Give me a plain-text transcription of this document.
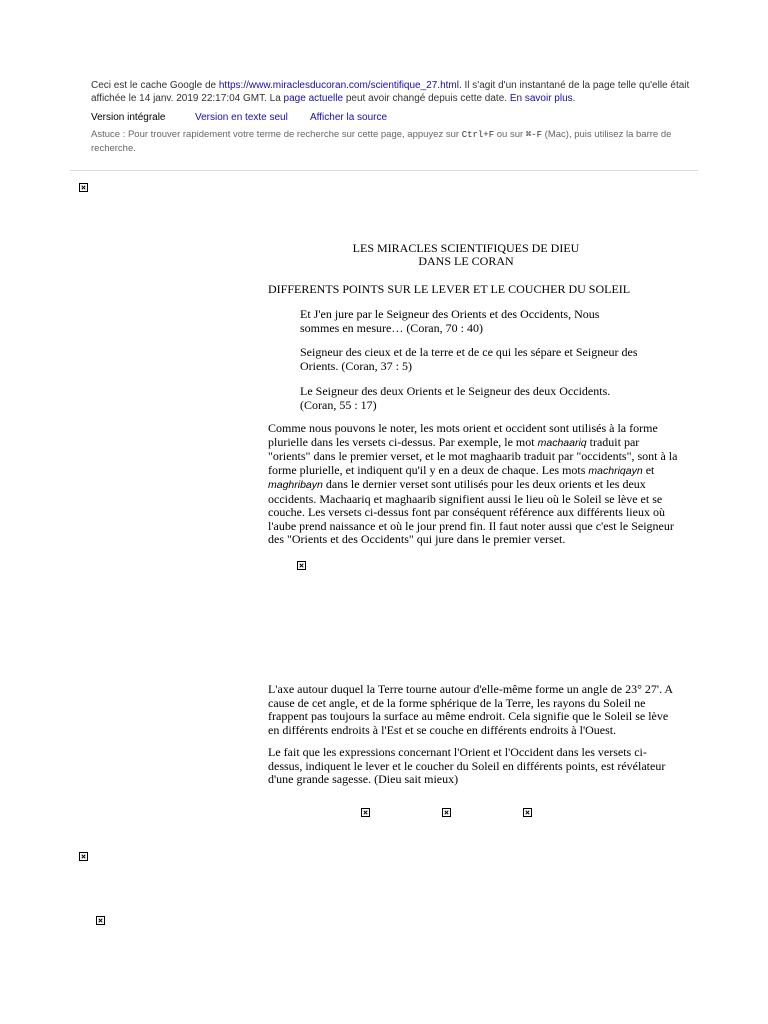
Ceci est le cache Google de https://www.miraclesducoran.com/scientifique_27.html. Il s'agit d'un instantané de la page telle qu'elle était affichée le 14 janv. 2019 22:17:04 GMT. La page actuelle peut avoir changé depuis cette date. En savoir plus.
Version intégrale	Version en texte seul Afficher la source
Astuce : Pour trouver rapidement votre terme de recherche sur cette page, appuyez sur Ctrl+F ou sur ⌘-F (Mac), puis utilisez la barre de recherche.
LES MIRACLES SCIENTIFIQUES DE DIEU
DANS LE CORAN
DIFFERENTS POINTS SUR LE LEVER ET LE COUCHER DU SOLEIL
Et J'en jure par le Seigneur des Orients et des Occidents, Nous sommes en mesure… (Coran, 70 : 40)
Seigneur des cieux et de la terre et de ce qui les sépare et Seigneur des Orients. (Coran, 37 : 5)
Le Seigneur des deux Orients et le Seigneur des deux Occidents. (Coran, 55 : 17)
Comme nous pouvons le noter, les mots orient et occident sont utilisés à la forme plurielle dans les versets ci-dessus. Par exemple, le mot machaariq traduit par "orients" dans le premier verset, et le mot maghaarib traduit par "occidents", sont à la forme plurielle, et indiquent qu'il y en a deux de chaque. Les mots machriqayn et maghribayn dans le dernier verset sont utilisés pour les deux orients et les deux occidents. Machaariq et maghaarib signifient aussi le lieu où le Soleil se lève et se couche. Les versets ci-dessus font par conséquent référence aux différents lieux où l'aube prend naissance et où le jour prend fin. Il faut noter aussi que c'est le Seigneur des "Orients et des Occidents" qui jure dans le premier verset.
L'axe autour duquel la Terre tourne autour d'elle-même forme un angle de 23° 27'. A cause de cet angle, et de la forme sphérique de la Terre, les rayons du Soleil ne frappent pas toujours la surface au même endroit. Cela signifie que le Soleil se lève en différents endroits à l'Est et se couche en différents endroits à l'Ouest.
Le fait que les expressions concernant l'Orient et l'Occident dans les versets ci-dessus, indiquent le lever et le coucher du Soleil en différents points, est révélateur d'une grande sagesse. (Dieu sait mieux)
